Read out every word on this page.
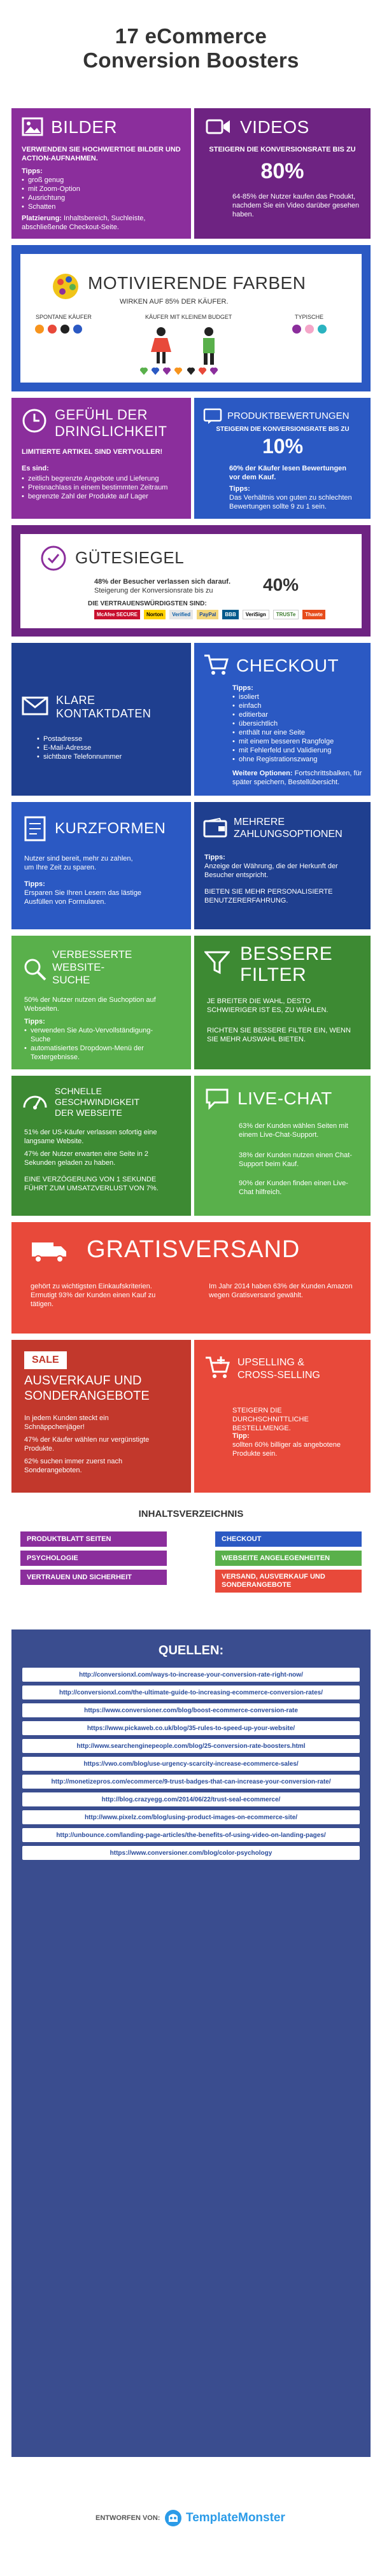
17 eCommerce
Conversion Boosters
BILDER
VERWENDEN SIE HOCHWERTIGE BILDER UND ACTION-AUFNAHMEN.
Tipps:
• groß genug
• mit Zoom-Option
• Ausrichtung
• Schatten
Platzierung: Inhaltsbereich, Suchleiste, abschließende Checkout-Seite.
VIDEOS
STEIGERN DIE KONVERSIONSRATE BIS ZU
80%
64-85% der Nutzer kaufen das Produkt, nachdem Sie ein Video darüber gesehen haben.
MOTIVIERENDE FARBEN
WIRKEN AUF 85% DER KÄUFER.
SPONTANE KÄUFER	KÄUFER MIT KLEINEM BUDGET	TYPISCHE
GEFÜHL DER
DRINGLICHKEIT
LIMITIERTE ARTIKEL SIND VERTVOLLER!
Es sind:
• zeitlich begrenzte Angebote und Lieferung
• Preisnachlass in einem bestimmten Zeitraum
• begrenzte Zahl der Produkte auf Lager
PRODUKTBEWERTUNGEN
STEIGERN DIE KONVERSIONSRATE BIS ZU
10%
60% der Käufer lesen Bewertungen vor dem Kauf.
Tipps:
Das Verhältnis von guten zu schlechten Bewertungen sollte 9 zu 1 sein.
GÜTESIEGEL
48% der Besucher verlassen sich darauf.
Steigerung der Konversionsrate bis zu	40%
DIE VERTRAUENSWÜRDIGSTEN SIND:
McAfee SECURE	Norton	Verified	PayPal	BBB	VeriSign	TRUSTe	Thawte
KLARE
KONTAKTDATEN
• Postadresse
• E-Mail-Adresse
• sichtbare Telefonnummer
CHECKOUT
Tipps:
• isoliert
• einfach
• editierbar
• übersichtlich
• enthält nur eine Seite
• mit einem besseren Rangfolge
• mit Fehlerfeld und Validierung
• ohne Registrationszwang
Weitere Optionen: Fortschrittsbalken, für später speichern, Bestellübersicht.
KURZFORMEN
Nutzer sind bereit, mehr zu zahlen, um Ihre Zeit zu sparen.
Tipps:
Ersparen Sie Ihren Lesern das lästige Ausfüllen von Formularen.
MEHRERE
ZAHLUNGSOPTIONEN
Tipps:
Anzeige der Währung, die der Herkunft der Besucher entspricht.
BIETEN SIE MEHR PERSONALISIERTE BENUTZERERFAHRUNG.
VERBESSERTE
WEBSITE-
SUCHE
50% der Nutzer nutzen die Suchoption auf Webseiten.
Tipps:
• verwenden Sie Auto-Vervollständigung-Suche
• automatisiertes Dropdown-Menü der Textergebnisse.
BESSERE
FILTER
JE BREITER DIE WAHL, DESTO SCHWIERIGER IST ES, ZU WÄHLEN.
RICHTEN SIE BESSERE FILTER EIN, WENN SIE MEHR AUSWAHL BIETEN.
SCHNELLE
GESCHWINDIGKEIT
DER WEBSEITE
51% der US-Käufer verlassen sofortig eine langsame Website.
47% der Nutzer erwarten eine Seite in 2 Sekunden geladen zu haben.
EINE VERZÖGERUNG VON 1 SEKUNDE FÜHRT ZUM UMSATZVERLUST VON 7%.
LIVE-CHAT
63% der Kunden wählen Seiten mit einem Live-Chat-Support.
38% der Kunden nutzen einen Chat-Support beim Kauf.
90% der Kunden finden einen Live-Chat hilfreich.
GRATISVERSAND
gehört zu wichtigsten Einkaufskriterien. Ermutigt 93% der Kunden einen Kauf zu tätigen.
Im Jahr 2014 haben 63% der Kunden Amazon wegen Gratisversand gewählt.
SALE
AUSVERKAUF UND
SONDERANGEBOTE
In jedem Kunden steckt ein Schnäppchenjäger!
47% der Käufer wählen nur vergünstigte Produkte.
62% suchen immer zuerst nach Sonderangeboten.
UPSELLING &
CROSS-SELLING
STEIGERN DIE DURCHSCHNITTLICHE BESTELLMENGE.
Tipp:
sollten 60% billiger als angebotene Produkte sein.
INHALTSVERZEICHNIS
PRODUKTBLATT SEITEN	CHECKOUT
PSYCHOLOGIE	WEBSEITE ANGELEGENHEITEN
VERTRAUEN UND SICHERHEIT	VERSAND, AUSVERKAUF UND SONDERANGEBOTE
QUELLEN:
http://conversionxl.com/ways-to-increase-your-conversion-rate-right-now/
http://conversionxl.com/the-ultimate-guide-to-increasing-ecommerce-conversion-rates/
https://www.conversioner.com/blog/boost-ecommerce-conversion-rate
https://www.pickaweb.co.uk/blog/35-rules-to-speed-up-your-website/
http://www.searchenginepeople.com/blog/25-conversion-rate-boosters.html
https://vwo.com/blog/use-urgency-scarcity-increase-ecommerce-sales/
http://monetizepros.com/ecommerce/9-trust-badges-that-can-increase-your-conversion-rate/
http://blog.crazyegg.com/2014/06/22/trust-seal-ecommerce/
http://www.pixelz.com/blog/using-product-images-on-ecommerce-site/
http://unbounce.com/landing-page-articles/the-benefits-of-using-video-on-landing-pages/
https://www.conversioner.com/blog/color-psychology
ENTWORFEN VON: TemplateMonster
